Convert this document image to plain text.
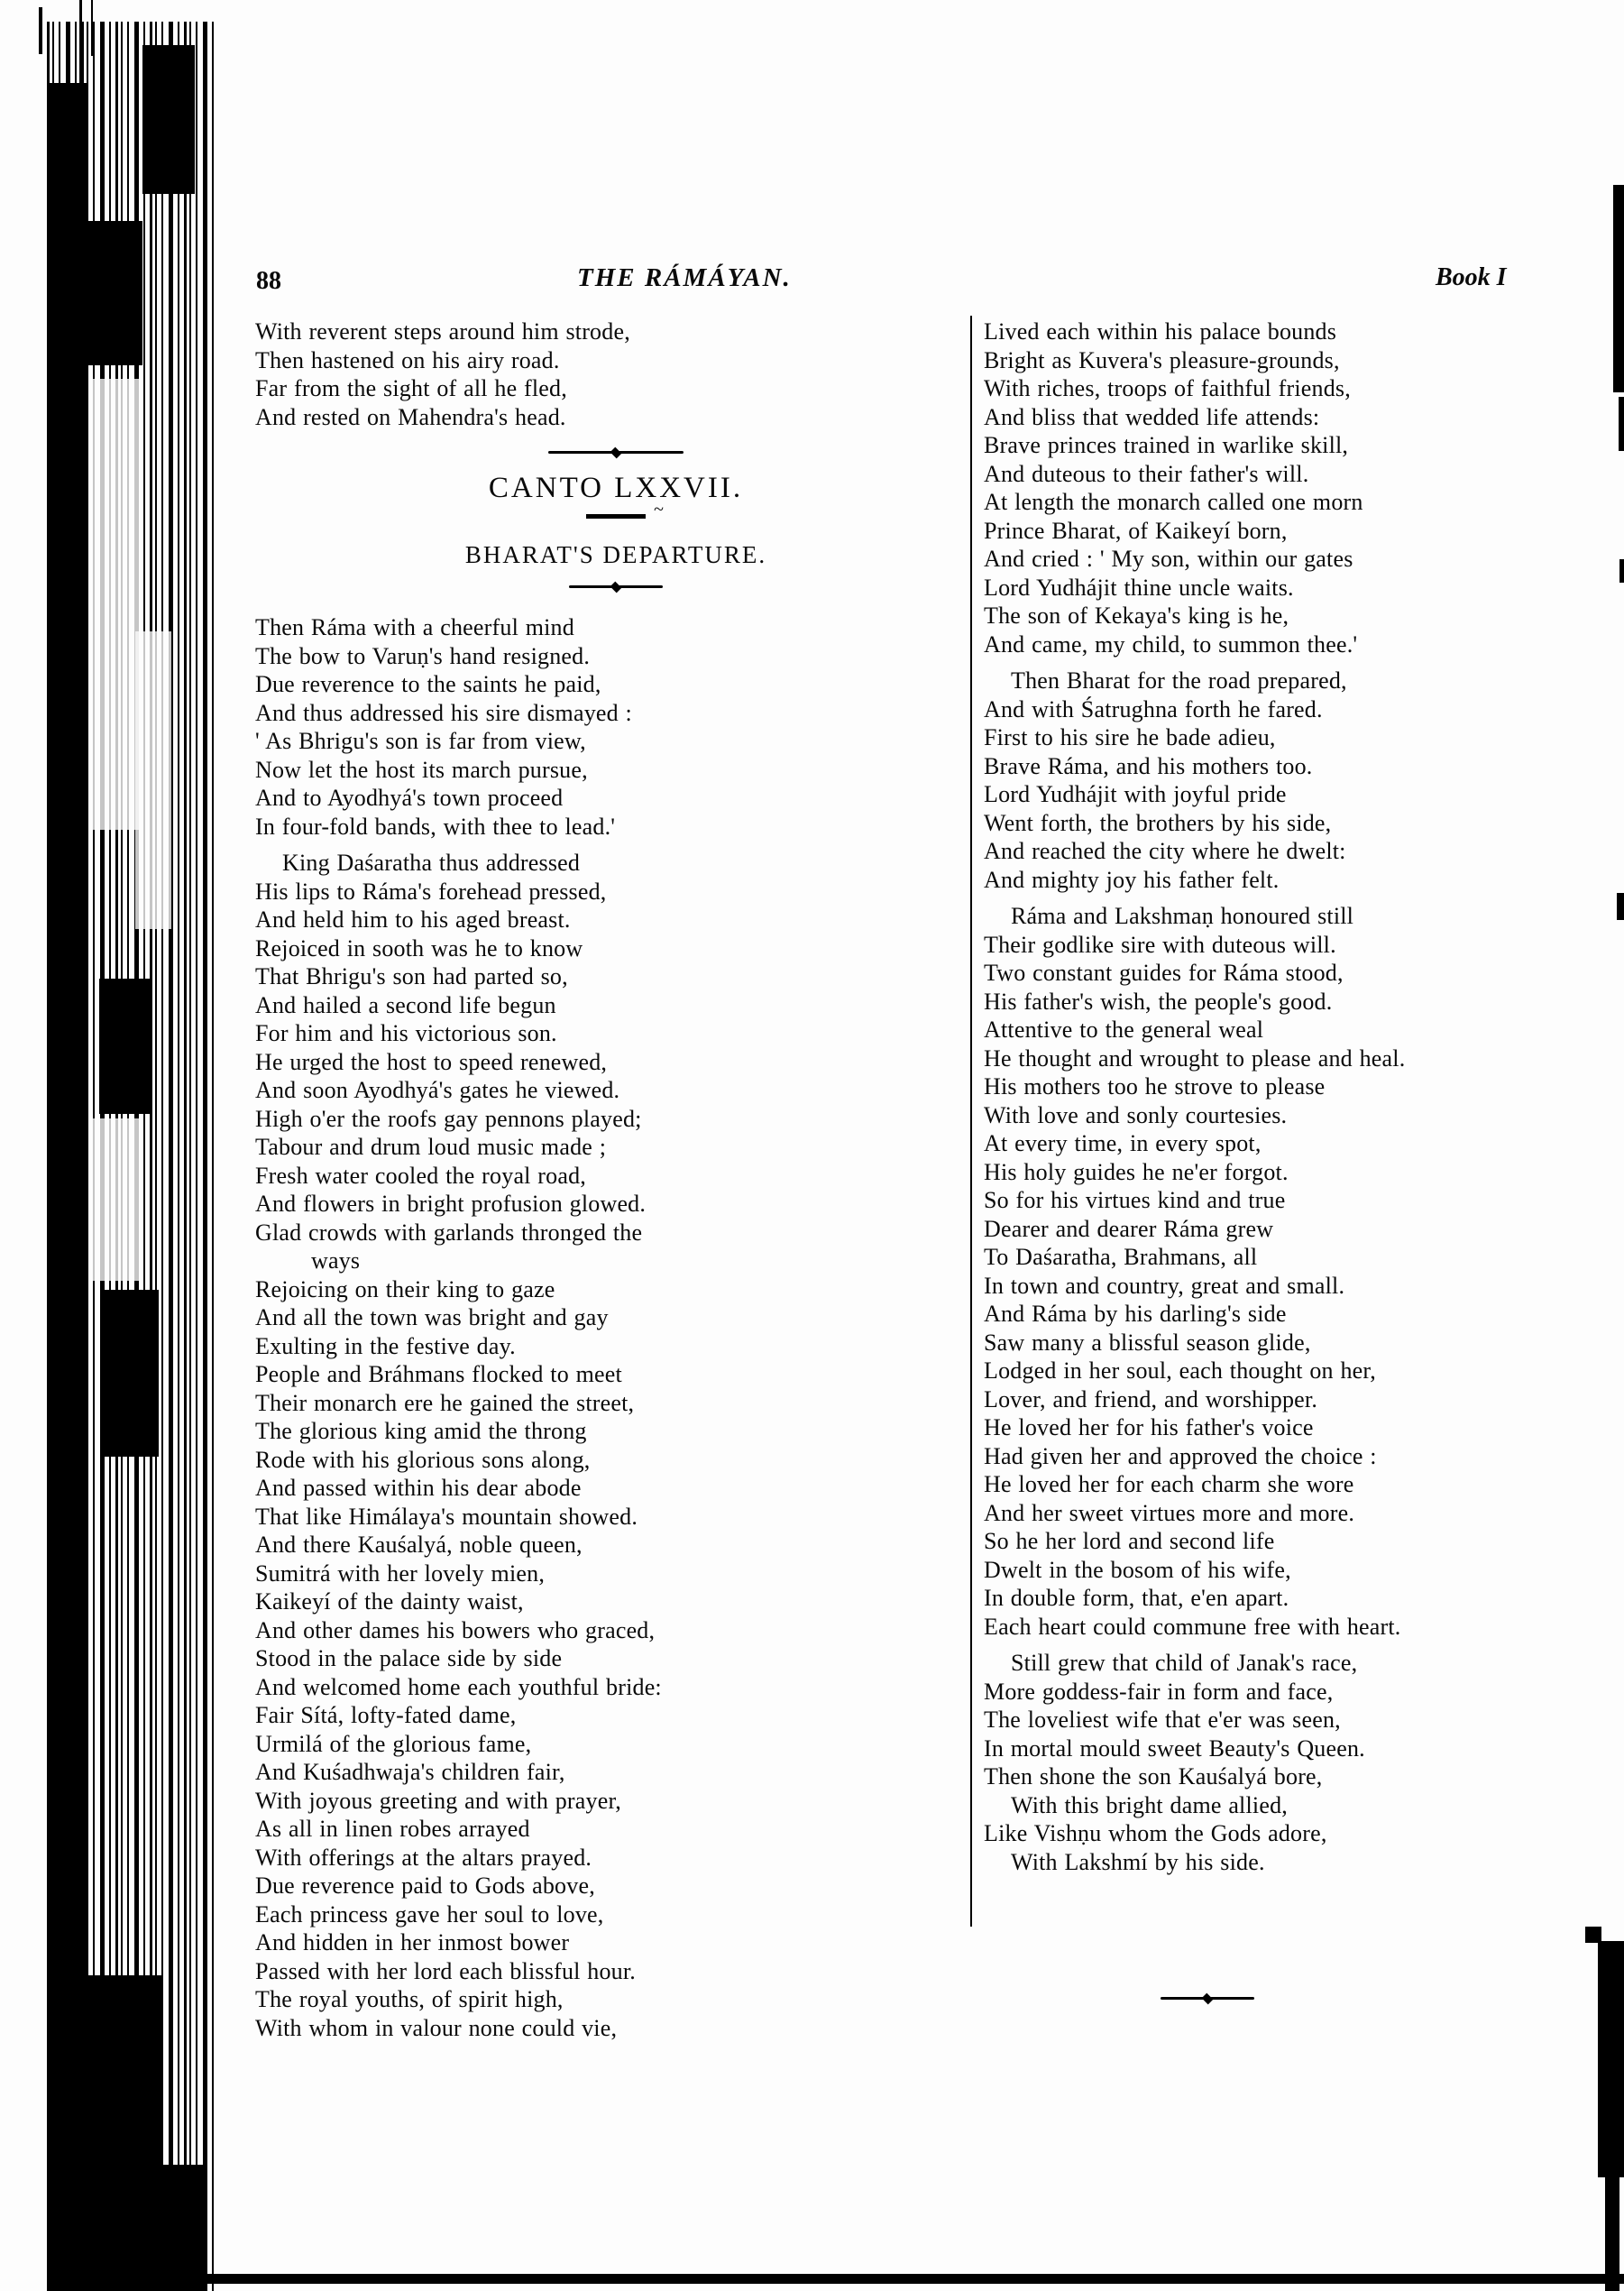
88	THE RÁMÁYAN.	Book I
With reverent steps around him strode,
Then hastened on his airy road.
Far from the sight of all he fled,
And rested on Mahendra's head.
CANTO LXXVII.
~
BHARAT'S DEPARTURE.
Then Ráma with a cheerful mind
The bow to Varuṇ's hand resigned.
Due reverence to the saints he paid,
And thus addressed his sire dismayed :
' As Bhrigu's son is far from view,
Now let the host its march pursue,
And to Ayodhyá's town proceed
In four-fold bands, with thee to lead.'
King Daśaratha thus addressed
His lips to Ráma's forehead pressed,
And held him to his aged breast.
Rejoiced in sooth was he to know
That Bhrigu's son had parted so,
And hailed a second life begun
For him and his victorious son.
He urged the host to speed renewed,
And soon Ayodhyá's gates he viewed.
High o'er the roofs gay pennons played;
Tabour and drum loud music made ;
Fresh water cooled the royal road,
And flowers in bright profusion glowed.
Glad crowds with garlands thronged the
ways
Rejoicing on their king to gaze
And all the town was bright and gay
Exulting in the festive day.
People and Bráhmans flocked to meet
Their monarch ere he gained the street,
The glorious king amid the throng
Rode with his glorious sons along,
And passed within his dear abode
That like Himálaya's mountain showed.
And there Kauśalyá, noble queen,
Sumitrá with her lovely mien,
Kaikeyí of the dainty waist,
And other dames his bowers who graced,
Stood in the palace side by side
And welcomed home each youthful bride:
Fair Sítá, lofty-fated dame,
Urmilá of the glorious fame,
And Kuśadhwaja's children fair,
With joyous greeting and with prayer,
As all in linen robes arrayed
With offerings at the altars prayed.
Due reverence paid to Gods above,
Each princess gave her soul to love,
And hidden in her inmost bower
Passed with her lord each blissful hour.
The royal youths, of spirit high,
With whom in valour none could vie,
Lived each within his palace bounds
Bright as Kuvera's pleasure-grounds,
With riches, troops of faithful friends,
And bliss that wedded life attends:
Brave princes trained in warlike skill,
And duteous to their father's will.
At length the monarch called one morn
Prince Bharat, of Kaikeyí born,
And cried : ' My son, within our gates
Lord Yudhájit thine uncle waits.
The son of Kekaya's king is he,
And came, my child, to summon thee.'
Then Bharat for the road prepared,
And with Śatrughna forth he fared.
First to his sire he bade adieu,
Brave Ráma, and his mothers too.
Lord Yudhájit with joyful pride
Went forth, the brothers by his side,
And reached the city where he dwelt:
And mighty joy his father felt.
Ráma and Lakshmaṇ honoured still
Their godlike sire with duteous will.
Two constant guides for Ráma stood,
His father's wish, the people's good.
Attentive to the general weal
He thought and wrought to please and heal.
His mothers too he strove to please
With love and sonly courtesies.
At every time, in every spot,
His holy guides he ne'er forgot.
So for his virtues kind and true
Dearer and dearer Ráma grew
To Daśaratha, Brahmans, all
In town and country, great and small.
And Ráma by his darling's side
Saw many a blissful season glide,
Lodged in her soul, each thought on her,
Lover, and friend, and worshipper.
He loved her for his father's voice
Had given her and approved the choice :
He loved her for each charm she wore
And her sweet virtues more and more.
So he her lord and second life
Dwelt in the bosom of his wife,
In double form, that, e'en apart.
Each heart could commune free with heart.
Still grew that child of Janak's race,
More goddess-fair in form and face,
The loveliest wife that e'er was seen,
In mortal mould sweet Beauty's Queen.
Then shone the son Kauśalyá bore,
With this bright dame allied,
Like Vishṇu whom the Gods adore,
With Lakshmí by his side.
